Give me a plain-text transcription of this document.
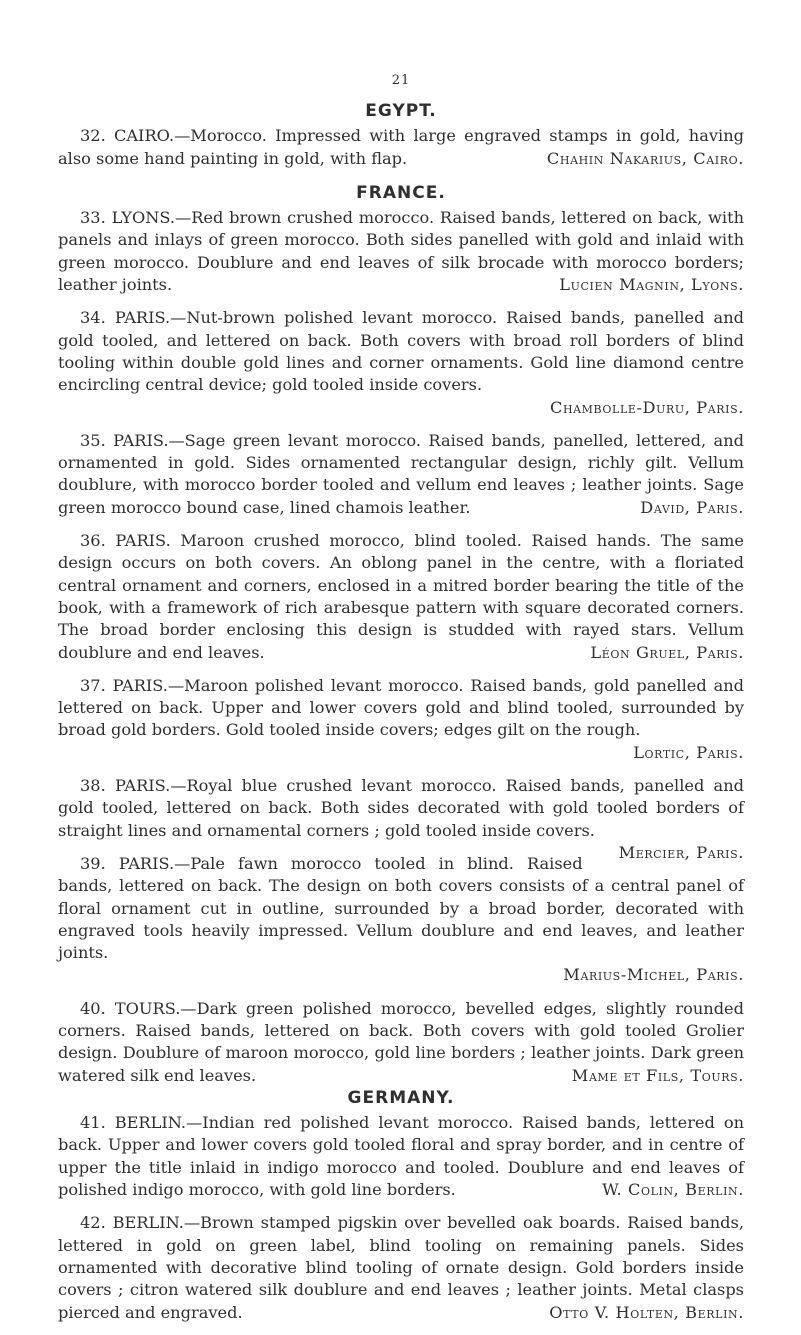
21
EGYPT.

32. CAIRO.—Morocco. Impressed with large engraved stamps in gold, having also some hand painting in gold, with flap.	Chahin Nakarius, Cairo.

FRANCE.

33. LYONS.—Red brown crushed morocco. Raised bands, lettered on back, with panels and inlays of green morocco. Both sides panelled with gold and inlaid with green morocco. Doublure and end leaves of silk brocade with morocco borders; leather joints.	Lucien Magnin, Lyons.

34. PARIS.—Nut-brown polished levant morocco. Raised bands, panelled and gold tooled, and lettered on back. Both covers with broad roll borders of blind tooling within double gold lines and corner ornaments. Gold line diamond centre encircling central device; gold tooled inside covers.
Chambolle-Duru, Paris.

35. PARIS.—Sage green levant morocco. Raised bands, panelled, lettered, and ornamented in gold. Sides ornamented rectangular design, richly gilt. Vellum doublure, with morocco border tooled and vellum end leaves ; leather joints. Sage green morocco bound case, lined chamois leather.	David, Paris.

36. PARIS. Maroon crushed morocco, blind tooled. Raised hands. The same design occurs on both covers. An oblong panel in the centre, with a floriated central ornament and corners, enclosed in a mitred border bearing the title of the book, with a framework of rich arabesque pattern with square decorated corners. The broad border enclosing this design is studded with rayed stars. Vellum doublure and end leaves.	Léon Gruel, Paris.

37. PARIS.—Maroon polished levant morocco. Raised bands, gold panelled and lettered on back. Upper and lower covers gold and blind tooled, surrounded by broad gold borders. Gold tooled inside covers; edges gilt on the rough.
Lortic, Paris.

38. PARIS.—Royal blue crushed levant morocco. Raised bands, panelled and gold tooled, lettered on back. Both sides decorated with gold tooled borders of straight lines and ornamental corners ; gold tooled inside covers.
Mercier, Paris.

39. PARIS.—Pale fawn morocco tooled in blind. Raised bands, lettered on back. The design on both covers consists of a central panel of floral ornament cut in outline, surrounded by a broad border, decorated with engraved tools heavily impressed. Vellum doublure and end leaves, and leather joints.
Marius-Michel, Paris.

40. TOURS.—Dark green polished morocco, bevelled edges, slightly rounded corners. Raised bands, lettered on back. Both covers with gold tooled Grolier design. Doublure of maroon morocco, gold line borders ; leather joints. Dark green watered silk end leaves.	Mame et Fils, Tours.

GERMANY.

41. BERLIN.—Indian red polished levant morocco. Raised bands, lettered on back. Upper and lower covers gold tooled floral and spray border, and in centre of upper the title inlaid in indigo morocco and tooled. Doublure and end leaves of polished indigo morocco, with gold line borders.	W. Colin, Berlin.

42. BERLIN.—Brown stamped pigskin over bevelled oak boards. Raised bands, lettered in gold on green label, blind tooling on remaining panels. Sides ornamented with decorative blind tooling of ornate design. Gold borders inside covers ; citron watered silk doublure and end leaves ; leather joints. Metal clasps pierced and engraved.	Otto V. Holten, Berlin.
